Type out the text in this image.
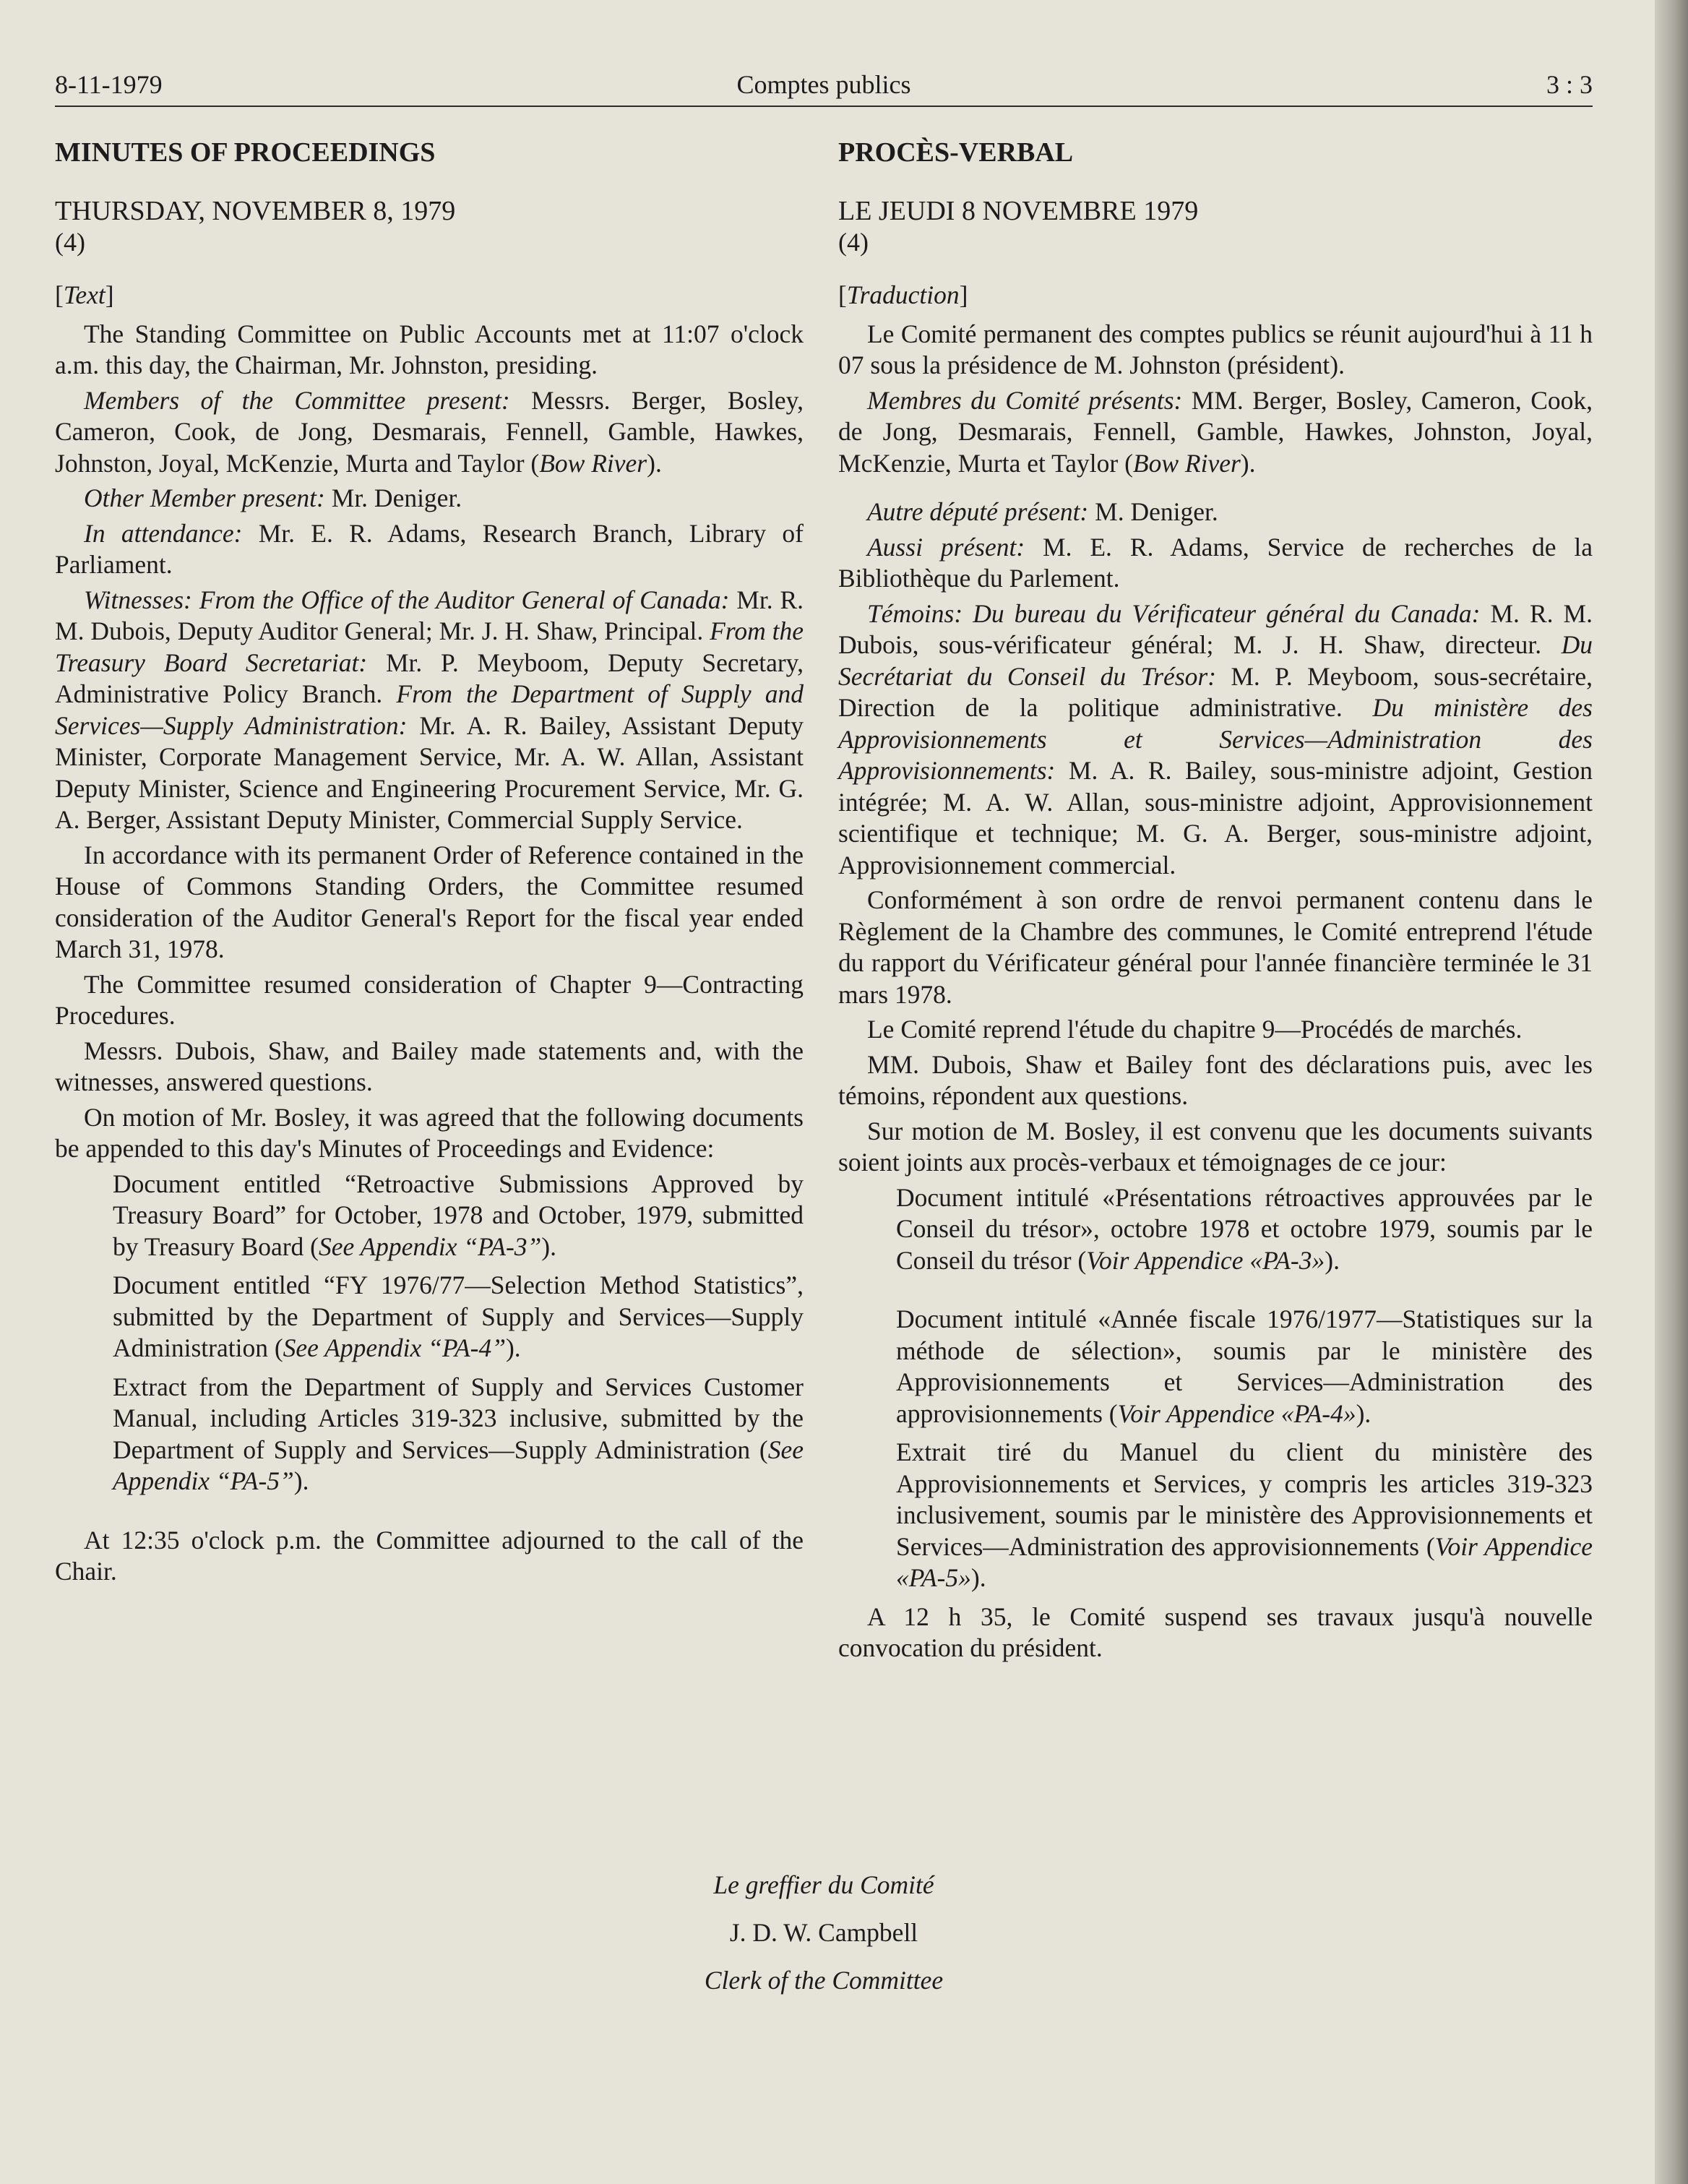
8-11-1979	Comptes publics	3 : 3
MINUTES OF PROCEEDINGS

THURSDAY, NOVEMBER 8, 1979

(4)

[Text]

The Standing Committee on Public Accounts met at 11:07 o'clock a.m. this day, the Chairman, Mr. Johnston, presiding.

Members of the Committee present: Messrs. Berger, Bosley, Cameron, Cook, de Jong, Desmarais, Fennell, Gamble, Hawkes, Johnston, Joyal, McKenzie, Murta and Taylor (Bow River).

Other Member present: Mr. Deniger.

In attendance: Mr. E. R. Adams, Research Branch, Library of Parliament.

Witnesses: From the Office of the Auditor General of Canada: Mr. R. M. Dubois, Deputy Auditor General; Mr. J. H. Shaw, Principal. From the Treasury Board Secretariat: Mr. P. Meyboom, Deputy Secretary, Administrative Policy Branch. From the Department of Supply and Services—Supply Administration: Mr. A. R. Bailey, Assistant Deputy Minister, Corporate Management Service, Mr. A. W. Allan, Assistant Deputy Minister, Science and Engineering Procurement Service, Mr. G. A. Berger, Assistant Deputy Minister, Commercial Supply Service.

In accordance with its permanent Order of Reference contained in the House of Commons Standing Orders, the Committee resumed consideration of the Auditor General's Report for the fiscal year ended March 31, 1978.

The Committee resumed consideration of Chapter 9—Contracting Procedures.

Messrs. Dubois, Shaw, and Bailey made statements and, with the witnesses, answered questions.

On motion of Mr. Bosley, it was agreed that the following documents be appended to this day's Minutes of Proceedings and Evidence:

Document entitled “Retroactive Submissions Approved by Treasury Board” for October, 1978 and October, 1979, submitted by Treasury Board (See Appendix “PA-3”).

Document entitled “FY 1976/77—Selection Method Statistics”, submitted by the Department of Supply and Services—Supply Administration (See Appendix “PA-4”).

Extract from the Department of Supply and Services Customer Manual, including Articles 319-323 inclusive, submitted by the Department of Supply and Services—Supply Administration (See Appendix “PA-5”).

At 12:35 o'clock p.m. the Committee adjourned to the call of the Chair.

PROCÈS-VERBAL

LE JEUDI 8 NOVEMBRE 1979

(4)

[Traduction]

Le Comité permanent des comptes publics se réunit aujourd'hui à 11 h 07 sous la présidence de M. Johnston (président).

Membres du Comité présents: MM. Berger, Bosley, Cameron, Cook, de Jong, Desmarais, Fennell, Gamble, Hawkes, Johnston, Joyal, McKenzie, Murta et Taylor (Bow River).

Autre député présent: M. Deniger.

Aussi présent: M. E. R. Adams, Service de recherches de la Bibliothèque du Parlement.

Témoins: Du bureau du Vérificateur général du Canada: M. R. M. Dubois, sous-vérificateur général; M. J. H. Shaw, directeur. Du Secrétariat du Conseil du Trésor: M. P. Meyboom, sous-secrétaire, Direction de la politique administrative. Du ministère des Approvisionnements et Services—Administration des Approvisionnements: M. A. R. Bailey, sous-ministre adjoint, Gestion intégrée; M. A. W. Allan, sous-ministre adjoint, Approvisionnement scientifique et technique; M. G. A. Berger, sous-ministre adjoint, Approvisionnement commercial.

Conformément à son ordre de renvoi permanent contenu dans le Règlement de la Chambre des communes, le Comité entreprend l'étude du rapport du Vérificateur général pour l'année financière terminée le 31 mars 1978.

Le Comité reprend l'étude du chapitre 9—Procédés de marchés.

MM. Dubois, Shaw et Bailey font des déclarations puis, avec les témoins, répondent aux questions.

Sur motion de M. Bosley, il est convenu que les documents suivants soient joints aux procès-verbaux et témoignages de ce jour:

Document intitulé «Présentations rétroactives approuvées par le Conseil du trésor», octobre 1978 et octobre 1979, soumis par le Conseil du trésor (Voir Appendice «PA-3»).

Document intitulé «Année fiscale 1976/1977—Statistiques sur la méthode de sélection», soumis par le ministère des Approvisionnements et Services—Administration des approvisionnements (Voir Appendice «PA-4»).

Extrait tiré du Manuel du client du ministère des Approvisionnements et Services, y compris les articles 319-323 inclusivement, soumis par le ministère des Approvisionnements et Services—Administration des approvisionnements (Voir Appendice «PA-5»).

A 12 h 35, le Comité suspend ses travaux jusqu'à nouvelle convocation du président.

Le greffier du Comité
J. D. W. Campbell
Clerk of the Committee
